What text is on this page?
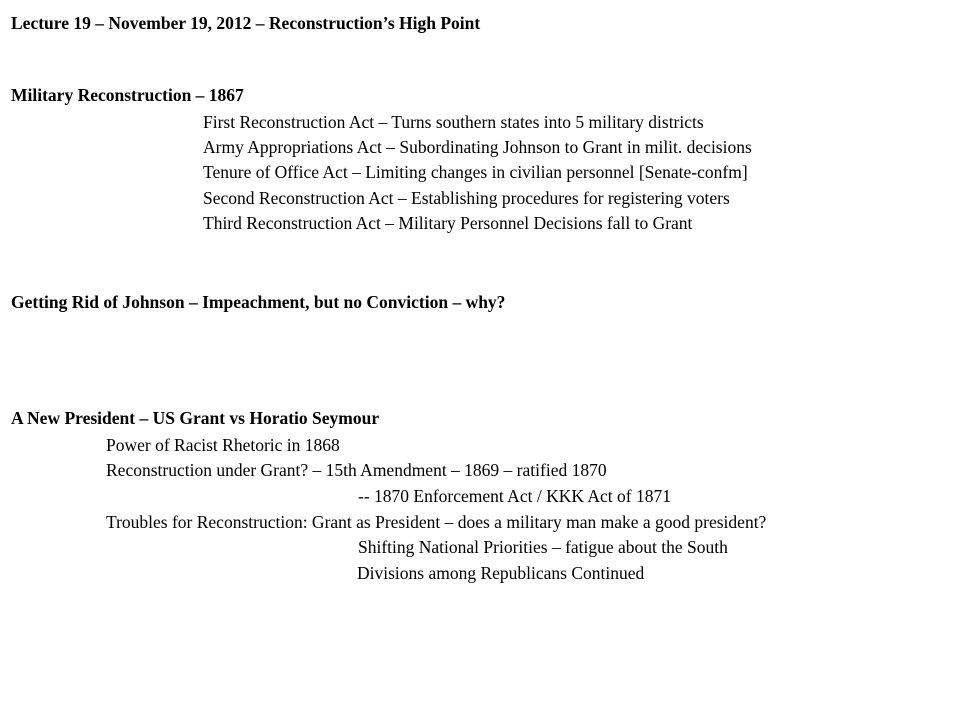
Lecture 19 – November 19, 2012 – Reconstruction’s High Point
Military Reconstruction – 1867
First Reconstruction Act – Turns southern states into 5 military districts
Army Appropriations Act – Subordinating Johnson to Grant in milit. decisions
Tenure of Office Act – Limiting changes in civilian personnel [Senate-confm]
Second Reconstruction Act – Establishing procedures for registering voters
Third Reconstruction Act – Military Personnel Decisions fall to Grant
Getting Rid of Johnson – Impeachment, but no Conviction – why?
A New President – US Grant vs Horatio Seymour
Power of Racist Rhetoric in 1868
Reconstruction under Grant? – 15th Amendment – 1869 – ratified 1870
-- 1870 Enforcement Act / KKK Act of 1871
Troubles for Reconstruction: Grant as President – does a military man make a good president?
Shifting National Priorities – fatigue about the South
Divisions among Republicans Continued
